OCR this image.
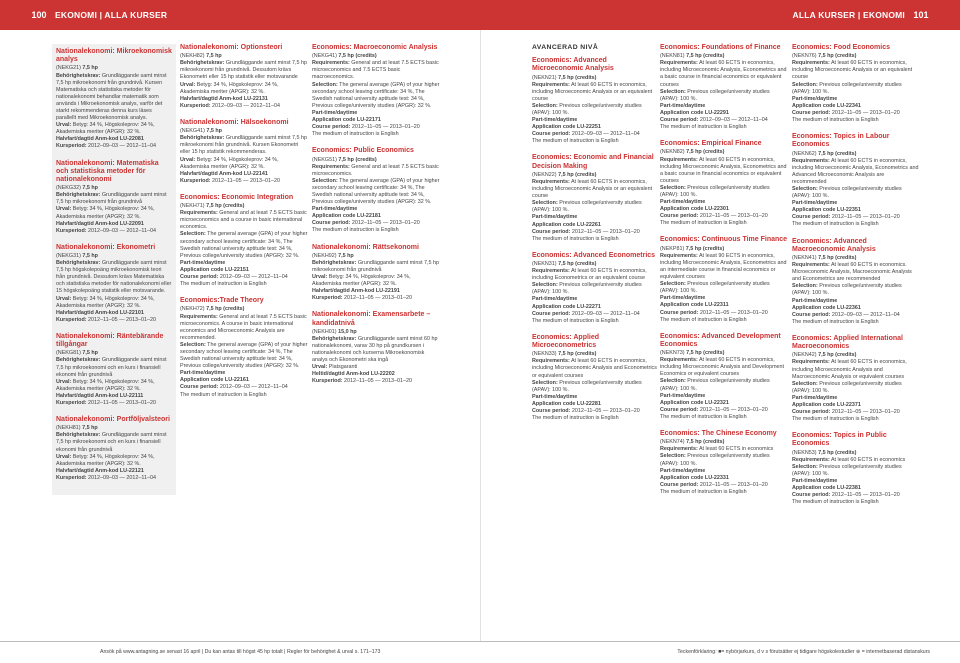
100 EKONOMI | ALLA KURSER	ALLA KURSER | EKONOMI 101
Nationalekonomi: Mikroekonomisk analys
(NEKG21) 7,5 hp
Behörighetskrav: Grundläggande samt minst 7,5 hp mikroekonomi från grundnivå. Kursen Matematiska och statistiska metoder för nationalekonomi behandlar matematik som används i Mikroekonomisk analys, varför det starkt rekommenderas denna kurs läses parallellt med Mikroekonomisk analys.
Urval: Betyg: 34 %, Högskoleprov: 34 %, Akademiska meriter (APGR): 32 %.
Halvfart/dagtid Anm-kod LU-22081
Kursperiod: 2012–09–03 — 2012–11–04
Nationalekonomi: Matematiska och statistiska metoder för nationalekonomi
(NEKG32) 7,5 hp
Behörighetskrav: Grundläggande samt minst 7,5 hp mikroekonomi från grundnivå
Urval: Betyg: 34 %, Högskoleprov: 34 %, Akademiska meriter (APGR): 32 %.
Halvfart/dagtid Anm-kod LU-22091
Kursperiod: 2012–09–03 — 2012–11–04
Nationalekonomi: Ekonometri
(NEKG31) 7,5 hp
Behörighetskrav: Grundläggande samt minst 7,5 hp högskolepoäng mikroekonomisk teori från grundnivå. Dessutom krävs Matematiska och statistiska metoder för nationalekonomi eller 15 högskolepoäng statistik eller motsvarande.
Urval: Betyg: 34 %, Högskoleprov: 34 %, Akademiska meriter (APGR): 32 %.
Halvfart/dagtid Anm-kod LU-22101
Kursperiod: 2012–11–05 — 2013–01–20
Nationalekonomi: Räntebärande tillgångar
(NEKG81) 7,5 hp
Behörighetskrav: Grundläggande samt minst 7,5 hp mikroekonomi och en kurs i finansiell ekonomi från grundnivå
Urval: Betyg: 34 %, Högskoleprov: 34 %, Akademiska meriter (APGR): 32 %.
Halvfart/dagtid Anm-kod LU-22111
Kursperiod: 2012–11–05 — 2013–01–20
Nationalekonomi: Portföljvalsteori
(NEKH81) 7,5 hp
Behörighetskrav: Grundläggande samt minst 7,5 hp mikroekonomi och en kurs i finansiell ekonomi från grundnivå
Urval: Betyg: 34 %, Högskoleprov: 34 %, Akademiska meriter (APGR): 32 %.
Halvfart/dagtid Anm-kod LU-22121
Kursperiod: 2012–09–03 — 2012–11–04
Nationalekonomi: Optionsteori
(NEKH82) 7,5 hp
Behörighetskrav: Grundläggande samt minst 7,5 hp mikroekonomi från grundnivå. Dessutom krävs Ekonometri eller 15 hp statistik eller motsvarande
Urval: Betyg: 34 %, Högskoleprov: 34 %, Akademiska meriter (APGR): 32 %.
Halvfart/dagtid Anm-kod LU-22131
Kursperiod: 2012–09–03 — 2012–11–04
Nationalekonomi: Hälsoekonomi
(NEKG41) 7,5 hp
Behörighetskrav: Grundläggande samt minst 7,5 hp mikroekonomi från grundnivå. Kursen Ekonometri eller 15 hp statistik rekommenderas.
Urval: Betyg: 34 %, Högskoleprov: 34 %, Akademiska meriter (APGR): 32 %.
Halvfart/dagtid Anm-kod LU-22141
Kursperiod: 2012–11–05 — 2013–01–20
Economics: Economic Integration
(NEKH71) 7,5 hp (credits)
Requirements: General and at least 7.5 ECTS basic microeconomics and a course in basic international economics.
Selection: The general average (GPA) of your higher secondary school leaving certificate: 34 %, The Swedish national university aptitude test: 34 %, Previous college/university studies (APGR): 32 %.
Part-time/daytime
Application code LU-22151
Course period: 2012–09–03 — 2012–11–04
The medium of instruction is English
Economics:Trade Theory
(NEKH72) 7,5 hp (credits)
Requirements: General and at least 7.5 ECTS basic microeconomics. A course in basic international economics and Microeconomic Analysis are recommended.
Selection: The general average (GPA) of your higher secondary school leaving certificate: 34 %, The Swedish national university aptitude test: 34 %, Previous college/university studies (APGR): 32 %.
Part-time/daytime
Application code LU-22161
Course period: 2012–09–03 — 2012–11–04
The medium of instruction is English
Economics: Macroeconomic Analysis
(NEKG41) 7,5 hp (credits)
Requirements: General and at least 7.5 ECTS basic microeconomics and 7.5 ECTS basic macroeconomics.
Selection: The general average (GPA) of your higher secondary school leaving certificate: 34 %, The Swedish national university aptitude test: 34 %, Previous college/university studies (APGR): 32 %.
Part-time/daytime
Application code LU-22171
Course period: 2012–11–05 — 2013–01–20
The medium of instruction is English
Economics: Public Economics
(NEKG51) 7,5 hp (credits)
Requirements: General and at least 7.5 ECTS basic microeconomics.
Selection: The general average (GPA) of your higher secondary school leaving certificate: 34 %, The Swedish national university aptitude test: 34 %, Previous college/university studies (APGR): 32 %.
Part-time/daytime
Application code LU-22181
Course period: 2012–11–05 — 2013–01–20
The medium of instruction is English
Nationalekonomi: Rättsekonomi
(NEKH92) 7,5 hp
Behörighetskrav: Grundläggande samt minst 7,5 hp mikroekonomi från grundnivå
Urval: Betyg: 34 %, Högskoleprov: 34 %, Akademiska meriter (APGR): 32 %.
Halvfart/dagtid Anm-kod LU-22191
Kursperiod: 2012–11–05 — 2013–01–20
Nationalekonomi: Examensarbete – kandidatnivå
(NEKH01) 15,0 hp
Behörighetskrav: Grundläggande samt minst 60 hp nationalekonomi, varav 30 hp på grundkursen i nationalekonomi och kurserna Mikroekonomisk analys och Ekonometri ska ingå
Urval: Platsgaranti
Heltid/dagtid Anm-kod LU-22202
Kursperiod: 2012–11–05 — 2013–01–20
AVANCERAD NIVÅ
Economics: Advanced Microeconomic Analysis
(NEKN21) 7,5 hp (credits)
Requirements: At least 60 ECTS in economics, including Microeconomic Analysis or an equivalent course
Selection: Previous college/university studies (APAV): 100 %.
Part-time/daytime
Application code LU-22251
Course period: 2012–09–03 — 2012–11–04
The medium of instruction is English
Economics: Economic and Financial Decision Making
(NEKN22) 7,5 hp (credits)
Requirements: At least 60 ECTS in economics, including Microeconomic Analysis or an equivalent course
Selection: Previous college/university studies (APAV): 100 %.
Part-time/daytime
Application code LU-22261
Course period: 2012–11–05 — 2013–01–20
The medium of instruction is English
Economics: Advanced Econometrics
(NEKN31) 7,5 hp (credits)
Requirements: At least 60 ECTS in economics, including Econometrics or an equivalent course
Selection: Previous college/university studies (APAV): 100 %.
Part-time/daytime
Application code LU-22271
Course period: 2012–09–03 — 2012–11–04
The medium of instruction is English
Economics: Applied Microeconometrics
(NEKN33) 7,5 hp (credits)
Requirements: At least 60 ECTS in economics, including Microeconomic Analysis and Econometrics or equivalent courses
Selection: Previous college/university studies (APAV): 100 %.
Part-time/daytime
Application code LU-22281
Course period: 2012–11–05 — 2013–01–20
The medium of instruction is English
Economics: Foundations of Finance
(NEKN81) 7,5 hp (credits)
Requirements: At least 60 ECTS in economics, including Microeconomic Analysis, Econometrics and a basic course in financial economics or equivalent courses
Selection: Previous college/university studies (APAV): 100 %.
Part-time/daytime
Application code LU-22291
Course period: 2012–09–03 — 2012–11–04
The medium of instruction is English
Economics: Empirical Finance
(NEKN82) 7,5 hp (credits)
Requirements: At least 60 ECTS in economics, including Microeconomic Analysis, Econometrics and a basic course in financial economics or equivalent courses
Selection: Previous college/university studies (APAV): 100 %.
Part-time/daytime
Application code LU-22301
Course period: 2012–11–05 — 2013–01–20
The medium of instruction is English
Economics: Continuous Time Finance
(NEKP81) 7,5 hp (credits)
Requirements: At least 90 ECTS in economics, including Microeconomic Analysis, Econometrics and an intermediate course in financial economics or equivalent courses
Selection: Previous college/university studies (APAV): 100 %.
Part-time/daytime
Application code LU-22311
Course period: 2012–11–05 — 2013–01–20
The medium of instruction is English
Economics: Advanced Development Economics
(NEKN73) 7,5 hp (credits)
Requirements: At least 60 ECTS in economics, including Microeconomic Analysis and Development Economics or equivalent courses
Selection: Previous college/university studies (APAV): 100 %.
Part-time/daytime
Application code LU-22321
Course period: 2012–11–05 — 2013–01–20
The medium of instruction is English
Economics: The Chinese Economy
(NEKN74) 7,5 hp (credits)
Requirements: At least 60 ECTS in economics
Selection: Previous college/university studies (APAV): 100 %.
Part-time/daytime
Application code LU-22331
Course period: 2012–11–05 — 2013–01–20
The medium of instruction is English
Economics: Food Economics
(NEKN76) 7,5 hp (credits)
Requirements: At least 60 ECTS in economics, including Microeconomic Analysis or an equivalent course
Selection: Previous college/university studies (APAV): 100 %.
Part-time/daytime
Application code LU-22341
Course period: 2012–11–05 — 2013–01–20
The medium of instruction is English
Economics: Topics in Labour Economics
(NEKN62) 7,5 hp (credits)
Requirements: At least 60 ECTS in economics, including Microeconomic Analysis, Econometrics and Advanced Microeconomic Analysis are recommended
Selection: Previous college/university studies (APAV): 100 %.
Part-time/daytime
Application code LU-22351
Course period: 2012–11–05 — 2013–01–20
The medium of instruction is English
Economics: Advanced Macroeconomic Analysis
(NEKN41) 7,5 hp (credits)
Requirements: At least 60 ECTS in economics. Microeconomic Analysis, Macroeconomic Analysis and Econometrics are recommended
Selection: Previous college/university studies (APAV): 100 %.
Part-time/daytime
Application code LU-22361
Course period: 2012–09–03 — 2012–11–04
The medium of instruction is English
Economics: Applied International Macroeconomics
(NEKN42) 7,5 hp (credits)
Requirements: At least 60 ECTS in economics, including Microeconomic Analysis and Macroeconomic Analysis or equivalent courses
Selection: Previous college/university studies (APAV): 100 %.
Part-time/daytime
Application code LU-22371
Course period: 2012–11–05 — 2013–01–20
The medium of instruction is English
Economics: Topics in Public Economics
(NEKN53) 7,5 hp (credits)
Requirements: At least 60 ECTS in economics
Selection: Previous college/university studies (APAV): 100 %.
Part-time/daytime
Application code LU-22381
Course period: 2012–11–05 — 2013–01–20
The medium of instruction is English
Ansök på www.antagning.se senast 16 april | Du kan antas till högst 45 hp totalt | Regler för behörighet & urval s. 171–173	Teckenförklaring: ■= nybörjarkurs, d v s förutsätter ej tidigare högskolestudier ⊕ = internetbaserad distanskurs
